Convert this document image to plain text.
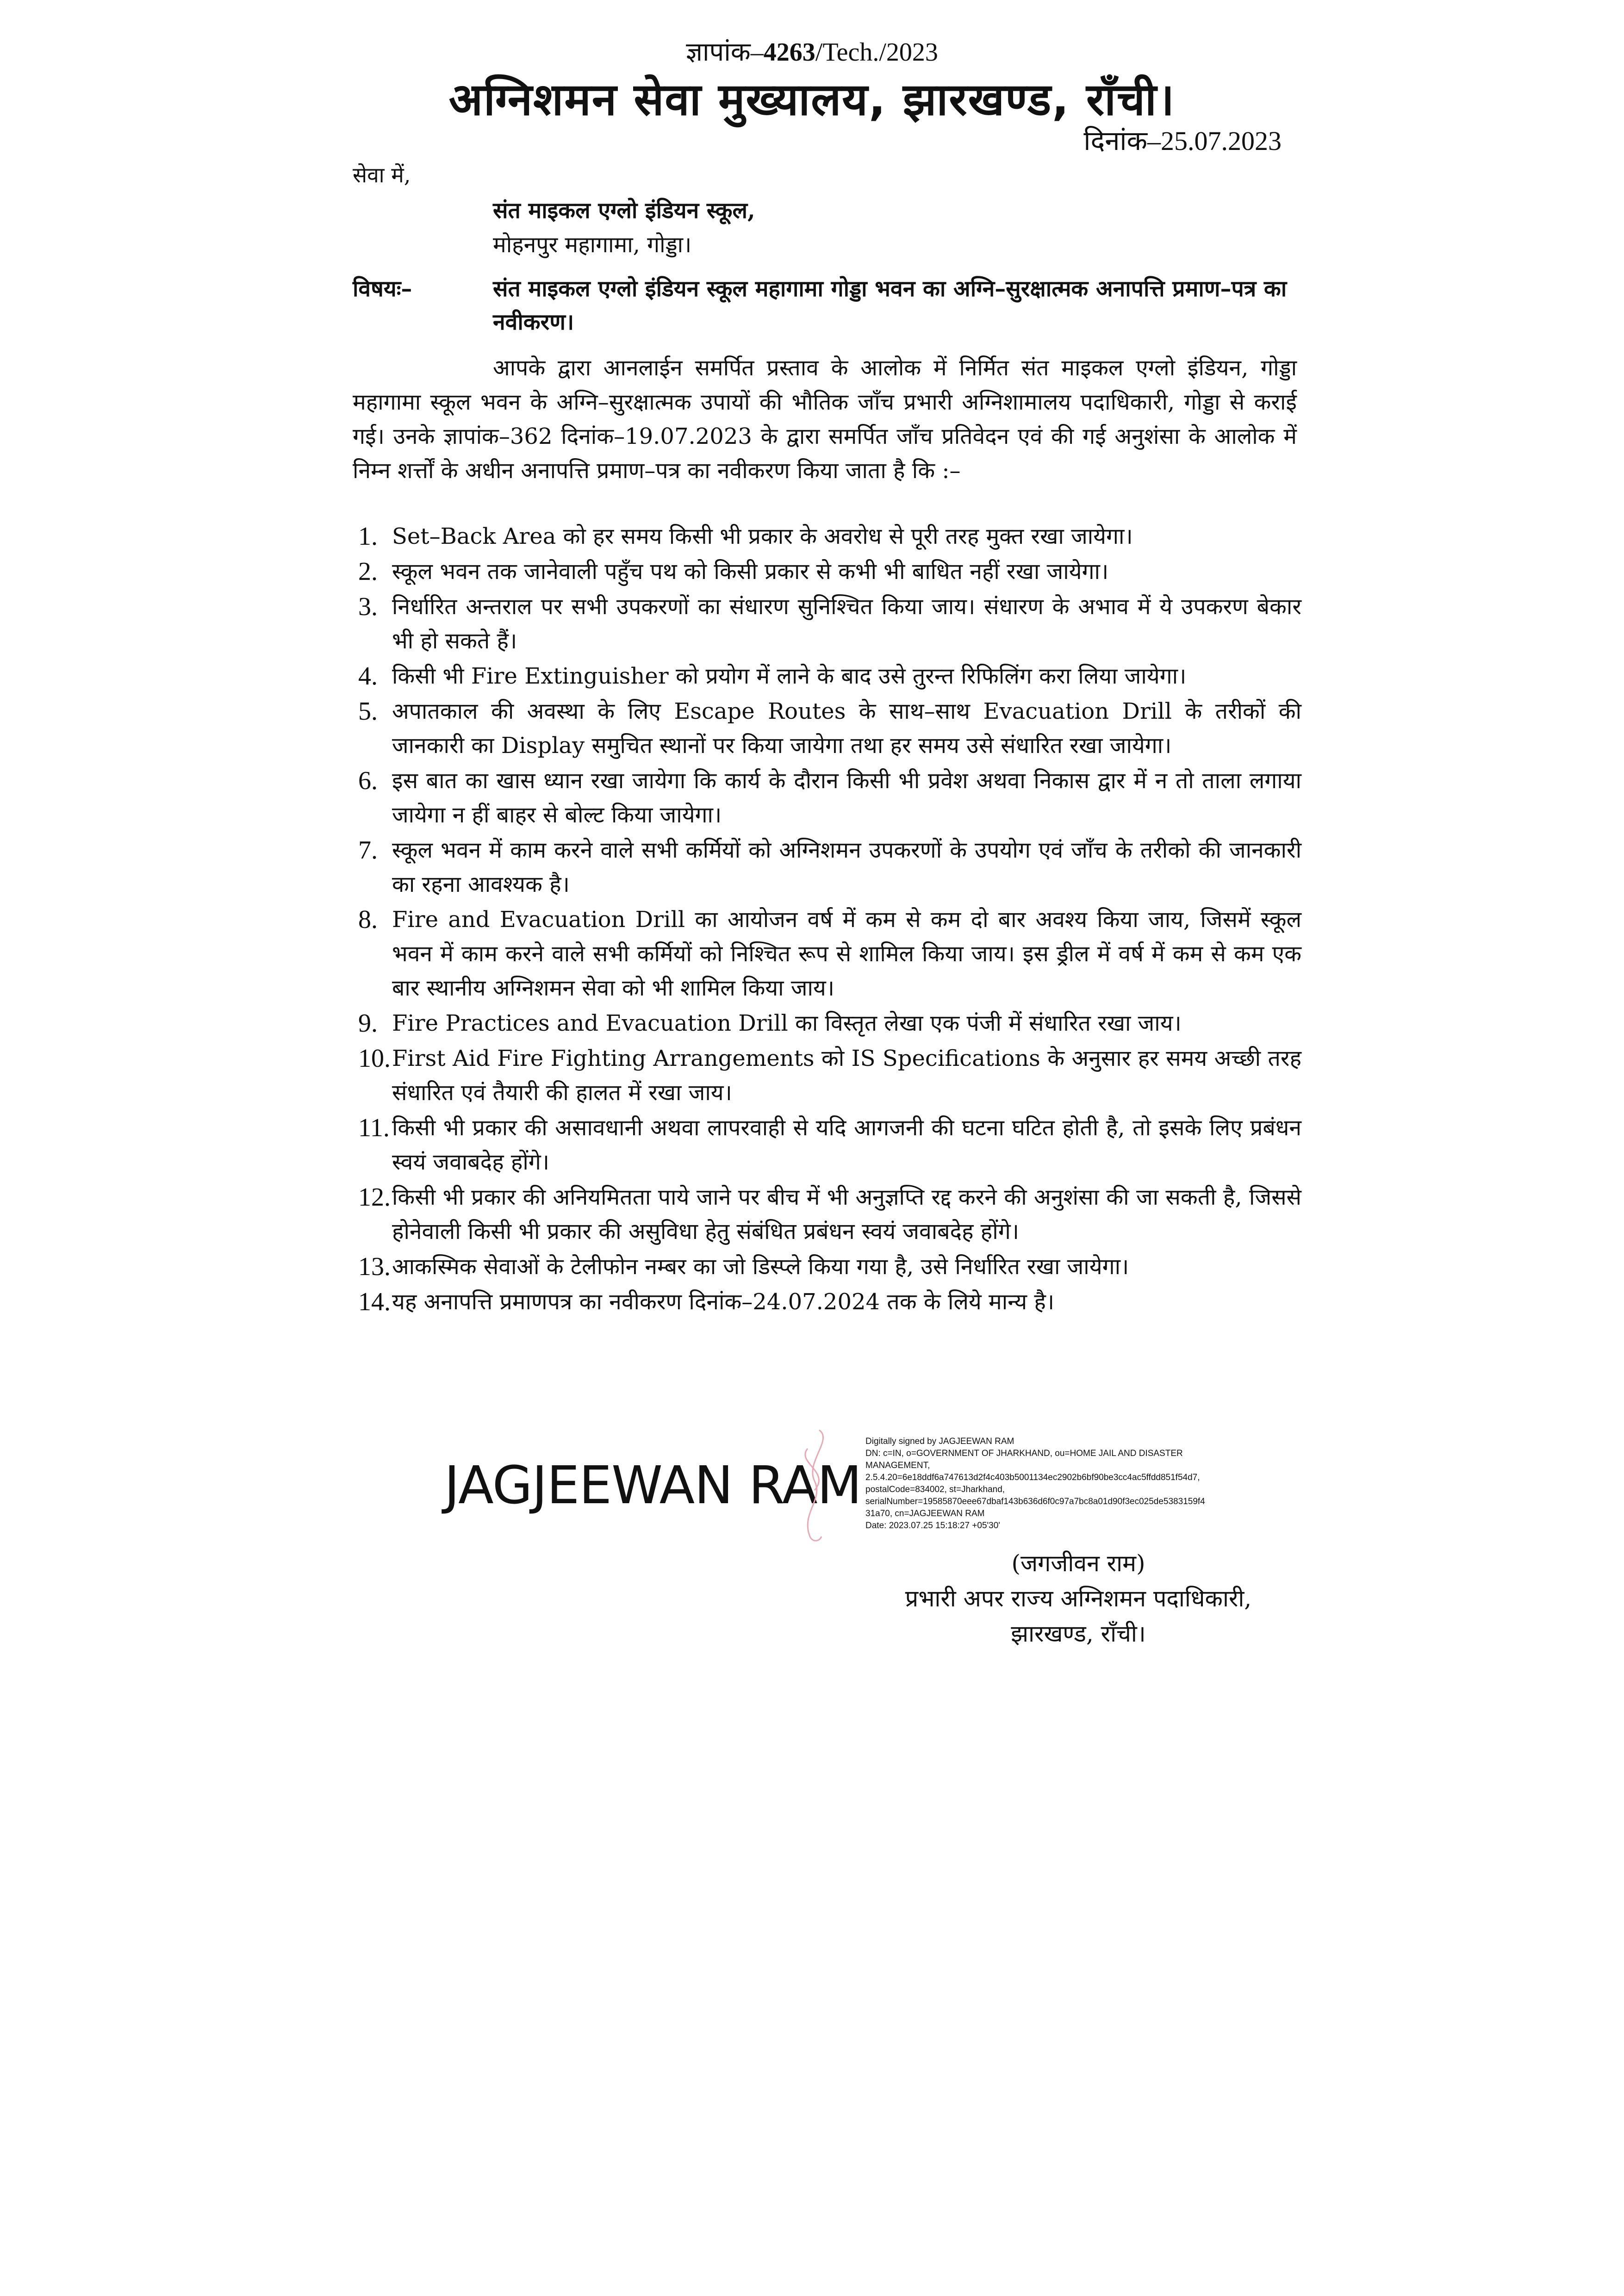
ज्ञापांक–4263/Tech./2023
अग्निशमन सेवा मुख्यालय, झारखण्ड, राँची।
दिनांक–25.07.2023
सेवा में,
संत माइकल एग्लो इंडियन स्कूल,
मोहनपुर महागामा, गोड्डा।
विषयः–	संत माइकल एग्लो इंडियन स्कूल महागामा गोड्डा भवन का अग्नि–सुरक्षात्मक अनापत्ति प्रमाण–पत्र का नवीकरण।
आपके द्वारा आनलाईन समर्पित प्रस्ताव के आलोक में निर्मित संत माइकल एग्लो इंडियन, गोड्डा महागामा स्कूल भवन के अग्नि–सुरक्षात्मक उपायों की भौतिक जाँच प्रभारी अग्निशामालय पदाधिकारी, गोड्डा से कराई गई। उनके ज्ञापांक–362 दिनांक–19.07.2023 के द्वारा समर्पित जाँच प्रतिवेदन एवं की गई अनुशंसा के आलोक में निम्न शर्त्तों के अधीन अनापत्ति प्रमाण–पत्र का नवीकरण किया जाता है कि :–
1. Set–Back Area को हर समय किसी भी प्रकार के अवरोध से पूरी तरह मुक्त रखा जायेगा।
2. स्कूल भवन तक जानेवाली पहुँच पथ को किसी प्रकार से कभी भी बाधित नहीं रखा जायेगा।
3. निर्धारित अन्तराल पर सभी उपकरणों का संधारण सुनिश्चित किया जाय। संधारण के अभाव में ये उपकरण बेकार भी हो सकते हैं।
4. किसी भी Fire Extinguisher को प्रयोग में लाने के बाद उसे तुरन्त रिफिलिंग करा लिया जायेगा।
5. अपातकाल की अवस्था के लिए Escape Routes के साथ–साथ Evacuation Drill के तरीकों की जानकारी का Display समुचित स्थानों पर किया जायेगा तथा हर समय उसे संधारित रखा जायेगा।
6. इस बात का खास ध्यान रखा जायेगा कि कार्य के दौरान किसी भी प्रवेश अथवा निकास द्वार में न तो ताला लगाया जायेगा न हीं बाहर से बोल्ट किया जायेगा।
7. स्कूल भवन में काम करने वाले सभी कर्मियों को अग्निशमन उपकरणों के उपयोग एवं जाँच के तरीको की जानकारी का रहना आवश्यक है।
8. Fire and Evacuation Drill का आयोजन वर्ष में कम से कम दो बार अवश्य किया जाय, जिसमें स्कूल भवन में काम करने वाले सभी कर्मियों को निश्चित रूप से शामिल किया जाय। इस ड्रील में वर्ष में कम से कम एक बार स्थानीय अग्निशमन सेवा को भी शामिल किया जाय।
9. Fire Practices and Evacuation Drill का विस्तृत लेखा एक पंजी में संधारित रखा जाय।
10. First Aid Fire Fighting Arrangements को IS Specifications के अनुसार हर समय अच्छी तरह संधारित एवं तैयारी की हालत में रखा जाय।
11. किसी भी प्रकार की असावधानी अथवा लापरवाही से यदि आगजनी की घटना घटित होती है, तो इसके लिए प्रबंधन स्वयं जवाबदेह होंगे।
12. किसी भी प्रकार की अनियमितता पाये जाने पर बीच में भी अनुज्ञप्ति रद्द करने की अनुशंसा की जा सकती है, जिससे होनेवाली किसी भी प्रकार की असुविधा हेतु संबंधित प्रबंधन स्वयं जवाबदेह होंगे।
13. आकस्मिक सेवाओं के टेलीफोन नम्बर का जो डिस्प्ले किया गया है, उसे निर्धारित रखा जायेगा।
14. यह अनापत्ति प्रमाणपत्र का नवीकरण दिनांक–24.07.2024 तक के लिये मान्य है।
JAGJEEWAN RAM
Digitally signed by JAGJEEWAN RAM
DN: c=IN, o=GOVERNMENT OF JHARKHAND, ou=HOME JAIL AND DISASTER
MANAGEMENT,
2.5.4.20=6e18ddf6a747613d2f4c403b5001134ec2902b6bf90be3cc4ac5ffdd851f54d7,
postalCode=834002, st=Jharkhand,
serialNumber=19585870eee67dbaf143b636d6f0c97a7bc8a01d90f3ec025de5383159f4
31a70, cn=JAGJEEWAN RAM
Date: 2023.07.25 15:18:27 +05'30'
(जगजीवन राम)
प्रभारी अपर राज्य अग्निशमन पदाधिकारी,
झारखण्ड, राँची।
